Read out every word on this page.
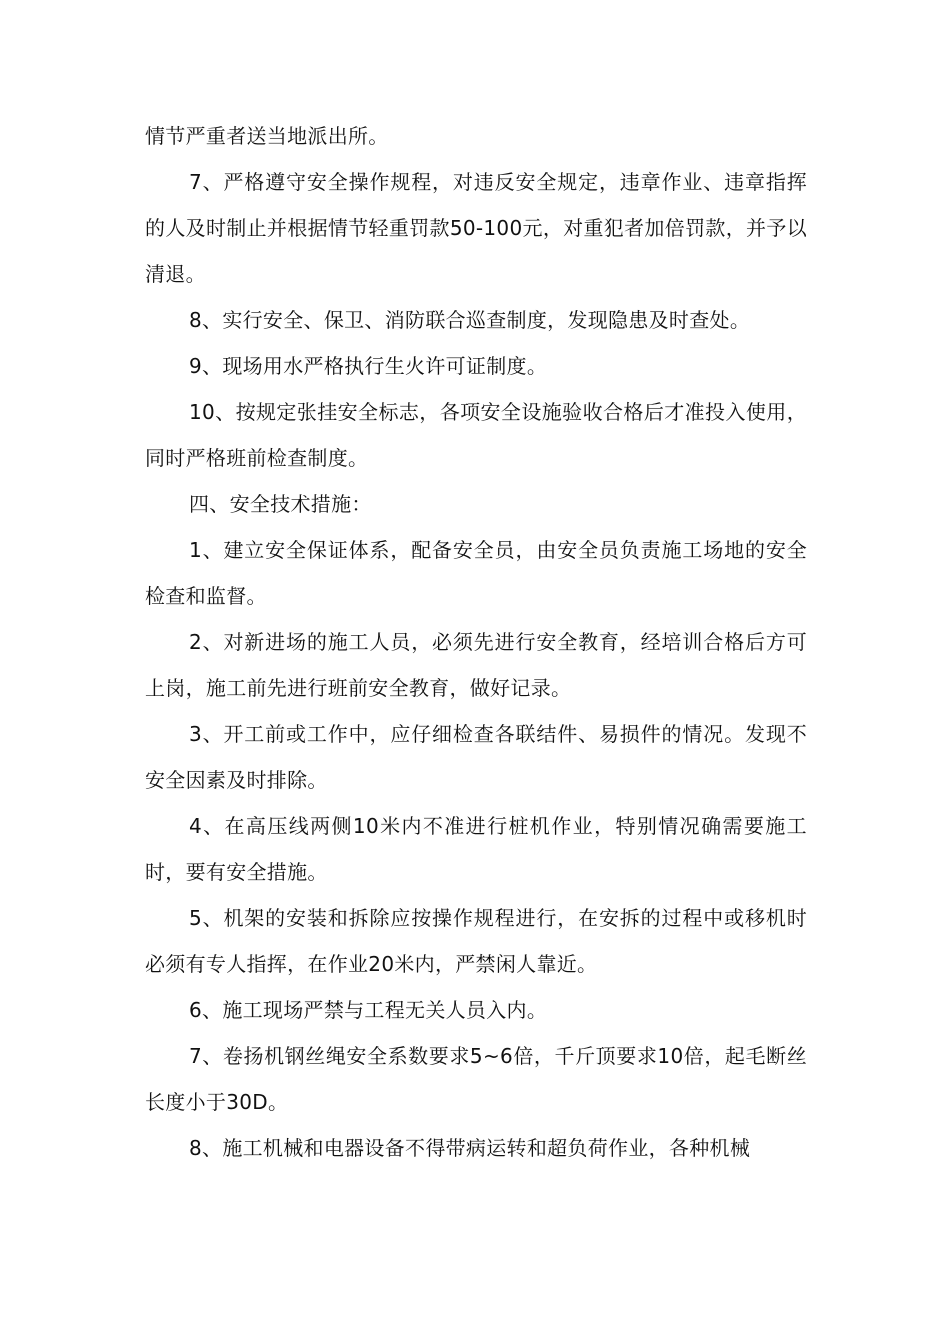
情节严重者送当地派出所。

7、严格遵守安全操作规程，对违反安全规定，违章作业、违章指挥的人及时制止并根据情节轻重罚款50-100元，对重犯者加倍罚款，并予以清退。

8、实行安全、保卫、消防联合巡查制度，发现隐患及时查处。

9、现场用水严格执行生火许可证制度。

10、按规定张挂安全标志，各项安全设施验收合格后才准投入使用，同时严格班前检查制度。

四、安全技术措施：

1、建立安全保证体系，配备安全员，由安全员负责施工场地的安全检查和监督。

2、对新进场的施工人员，必须先进行安全教育，经培训合格后方可上岗，施工前先进行班前安全教育，做好记录。

3、开工前或工作中，应仔细检查各联结件、易损件的情况。发现不安全因素及时排除。

4、在高压线两侧10米内不准进行桩机作业，特别情况确需要施工时，要有安全措施。

5、机架的安装和拆除应按操作规程进行，在安拆的过程中或移机时必须有专人指挥，在作业20米内，严禁闲人靠近。

6、施工现场严禁与工程无关人员入内。

7、卷扬机钢丝绳安全系数要求5~6倍，千斤顶要求10倍，起毛断丝长度小于30D。

8、施工机械和电器设备不得带病运转和超负荷作业，各种机械
